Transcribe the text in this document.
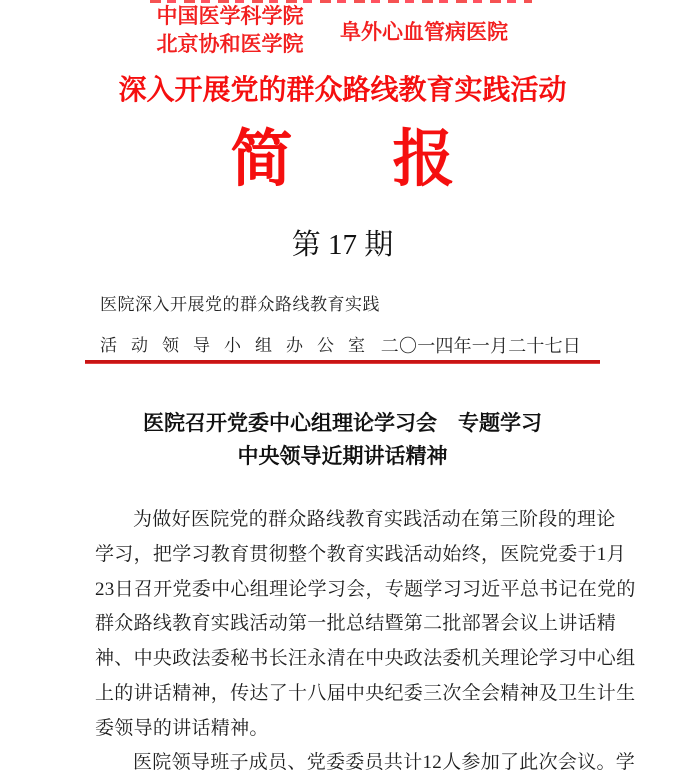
中国医学科学院
北京协和医学院	阜外心血管病医院
深入开展党的群众路线教育实践活动
简 报
第 17 期
医院深入开展党的群众路线教育实践
活动领导小组办公室 二〇一四年一月二十七日
医院召开党委中心组理论学习会　专题学习
中央领导近期讲话精神
为做好医院党的群众路线教育实践活动在第三阶段的理论
学习，把学习教育贯彻整个教育实践活动始终，医院党委于1月
23日召开党委中心组理论学习会，专题学习习近平总书记在党的
群众路线教育实践活动第一批总结暨第二批部署会议上讲话精
神、中央政法委秘书长汪永清在中央政法委机关理论学习中心组
上的讲话精神，传达了十八届中央纪委三次全会精神及卫生计生
委领导的讲话精神。
医院领导班子成员、党委委员共计12人参加了此次会议。学
